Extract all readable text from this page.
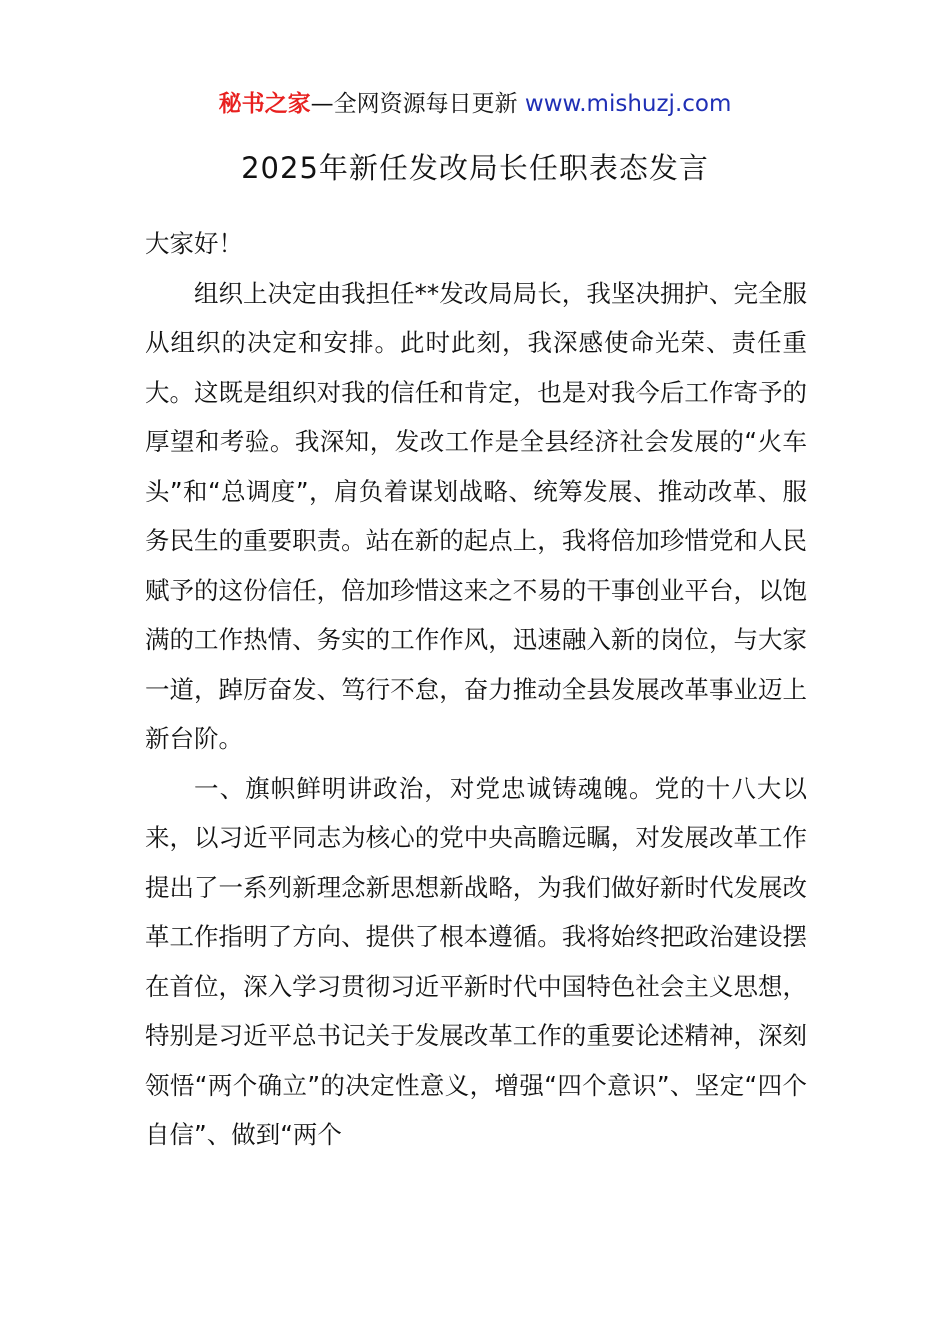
秘书之家—全网资源每日更新 www.mishuzj.com
2025年新任发改局长任职表态发言

大家好！

组织上决定由我担任**发改局局长，我坚决拥护、完全服从组织的决定和安排。此时此刻，我深感使命光荣、责任重大。这既是组织对我的信任和肯定，也是对我今后工作寄予的厚望和考验。我深知，发改工作是全县经济社会发展的“火车头”和“总调度”，肩负着谋划战略、统筹发展、推动改革、服务民生的重要职责。站在新的起点上，我将倍加珍惜党和人民赋予的这份信任，倍加珍惜这来之不易的干事创业平台，以饱满的工作热情、务实的工作作风，迅速融入新的岗位，与大家一道，踔厉奋发、笃行不怠，奋力推动全县发展改革事业迈上新台阶。

一、旗帜鲜明讲政治，对党忠诚铸魂魄。党的十八大以来，以习近平同志为核心的党中央高瞻远瞩，对发展改革工作提出了一系列新理念新思想新战略，为我们做好新时代发展改革工作指明了方向、提供了根本遵循。我将始终把政治建设摆在首位，深入学习贯彻习近平新时代中国特色社会主义思想，特别是习近平总书记关于发展改革工作的重要论述精神，深刻领悟“两个确立”的决定性意义，增强“四个意识”、坚定“四个自信”、做到“两个
